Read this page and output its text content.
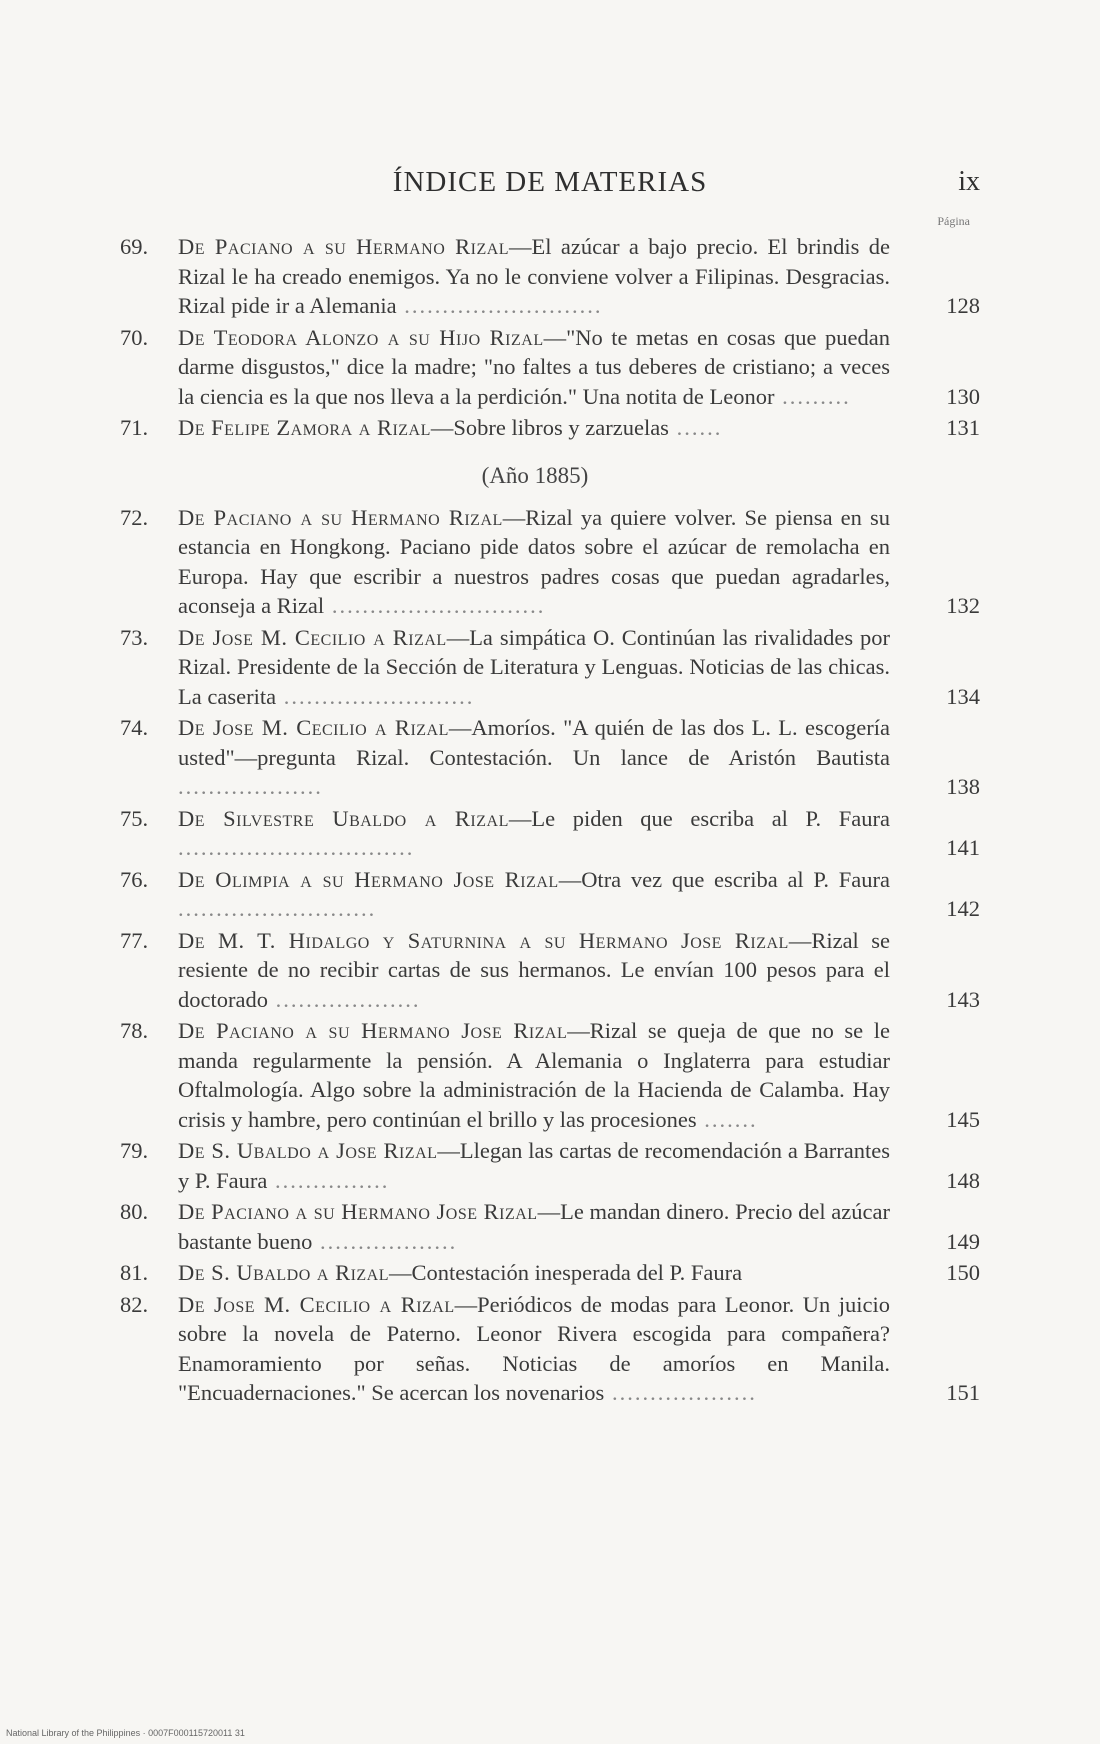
ÍNDICE DE MATERIAS	ix
Página
69. De Paciano a su Hermano Rizal—El azúcar a bajo precio. El brindis de Rizal le ha creado enemigos. Ya no le conviene volver a Filipinas. Desgracias. Rizal pide ir a Alemania ..........................	128
70. De Teodora Alonzo a su Hijo Rizal—"No te metas en cosas que puedan darme disgustos," dice la madre; "no faltes a tus deberes de cristiano; a veces la ciencia es la que nos lleva a la perdición." Una notita de Leonor .........	130
71. De Felipe Zamora a Rizal—Sobre libros y zarzuelas ......	131
(Año 1885)
72. De Paciano a su Hermano Rizal—Rizal ya quiere volver. Se piensa en su estancia en Hongkong. Paciano pide datos sobre el azúcar de remolacha en Europa. Hay que escribir a nuestros padres cosas que puedan agradarles, aconseja a Rizal ............................	132
73. De Jose M. Cecilio a Rizal—La simpática O. Continúan las rivalidades por Rizal. Presidente de la Sección de Literatura y Lenguas. Noticias de las chicas. La caserita .........................	134
74. De Jose M. Cecilio a Rizal—Amoríos. "A quién de las dos L. L. escogería usted"—pregunta Rizal. Contestación. Un lance de Aristón Bautista ...................	138
75. De Silvestre Ubaldo a Rizal—Le piden que escriba al P. Faura ...............................	141
76. De Olimpia a su Hermano Jose Rizal—Otra vez que escriba al P. Faura ..........................	142
77. De M. T. Hidalgo y Saturnina a su Hermano Jose Rizal—Rizal se resiente de no recibir cartas de sus hermanos. Le envían 100 pesos para el doctorado ...................	143
78. De Paciano a su Hermano Jose Rizal—Rizal se queja de que no se le manda regularmente la pensión. A Alemania o Inglaterra para estudiar Oftalmología. Algo sobre la administración de la Hacienda de Calamba. Hay crisis y hambre, pero continúan el brillo y las procesiones .......	145
79. De S. Ubaldo a Jose Rizal—Llegan las cartas de recomendación a Barrantes y P. Faura ...............	148
80. De Paciano a su Hermano Jose Rizal—Le mandan dinero. Precio del azúcar bastante bueno ..................	149
81. De S. Ubaldo a Rizal—Contestación inesperada del P. Faura	150
82. De Jose M. Cecilio a Rizal—Periódicos de modas para Leonor. Un juicio sobre la novela de Paterno. Leonor Rivera escogida para compañera? Enamoramiento por señas. Noticias de amoríos en Manila. "Encuadernaciones." Se acercan los novenarios ...................	151
National Library of the Philippines · 0007F000115720011 31
